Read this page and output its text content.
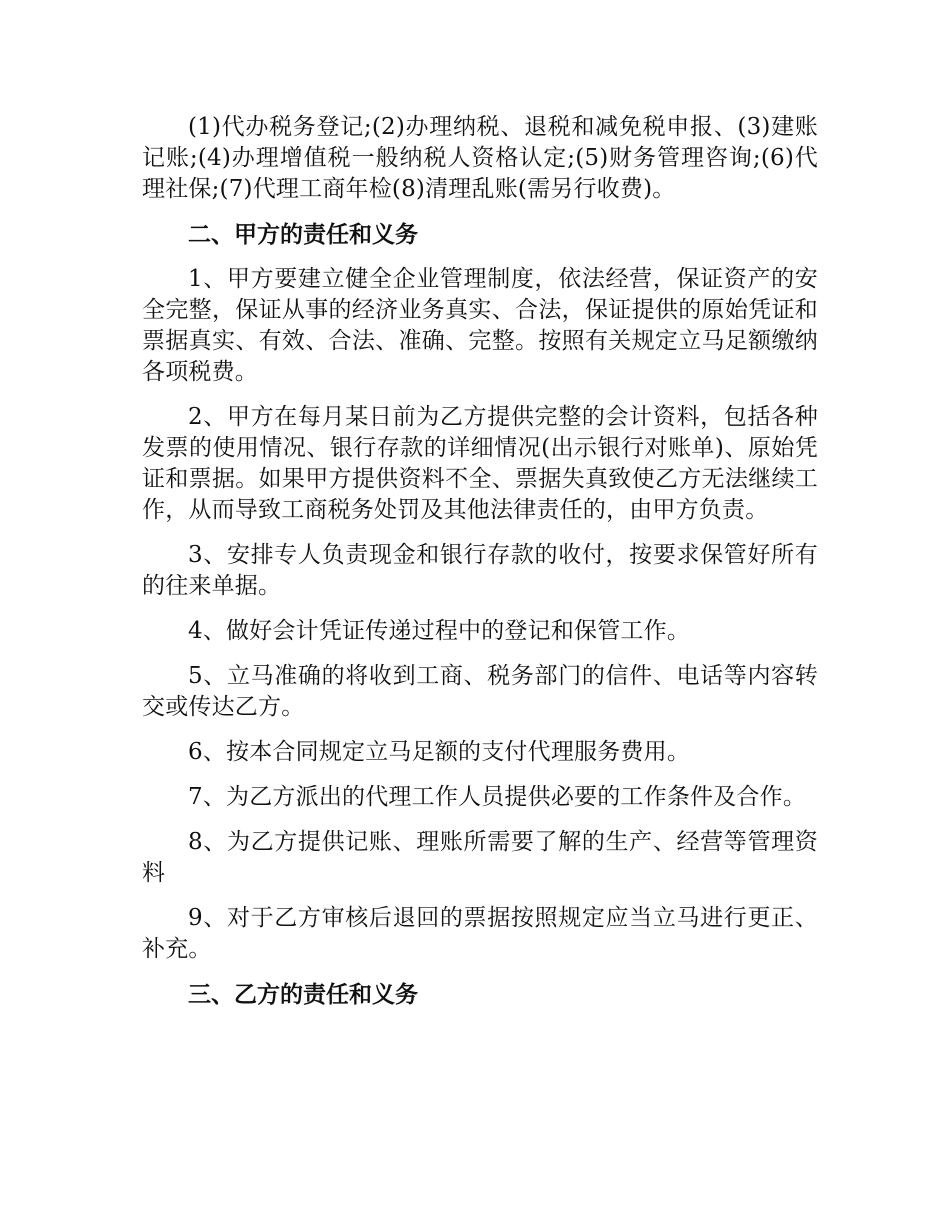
(1)代办税务登记;(2)办理纳税、退税和减免税申报、(3)建账记账;(4)办理增值税一般纳税人资格认定;(5)财务管理咨询;(6)代理社保;(7)代理工商年检(8)清理乱账(需另行收费)。

二、甲方的责任和义务

1、甲方要建立健全企业管理制度，依法经营，保证资产的安全完整，保证从事的经济业务真实、合法，保证提供的原始凭证和票据真实、有效、合法、准确、完整。按照有关规定立马足额缴纳各项税费。

2、甲方在每月某日前为乙方提供完整的会计资料，包括各种发票的使用情况、银行存款的详细情况(出示银行对账单)、原始凭证和票据。如果甲方提供资料不全、票据失真致使乙方无法继续工作，从而导致工商税务处罚及其他法律责任的，由甲方负责。

3、安排专人负责现金和银行存款的收付，按要求保管好所有的往来单据。

4、做好会计凭证传递过程中的登记和保管工作。

5、立马准确的将收到工商、税务部门的信件、电话等内容转交或传达乙方。

6、按本合同规定立马足额的支付代理服务费用。

7、为乙方派出的代理工作人员提供必要的工作条件及合作。

8、为乙方提供记账、理账所需要了解的生产、经营等管理资料

9、对于乙方审核后退回的票据按照规定应当立马进行更正、补充。

三、乙方的责任和义务
